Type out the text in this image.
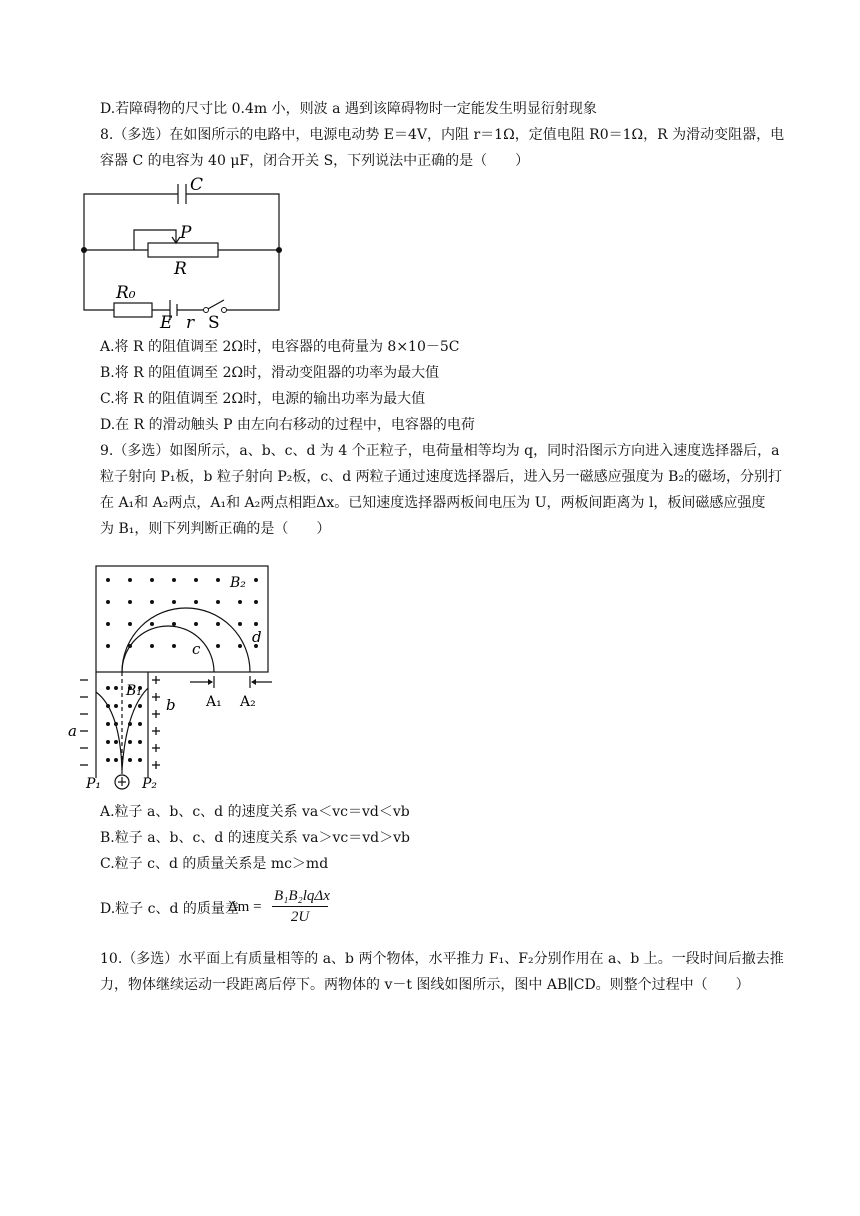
D.若障碍物的尺寸比 0.4m 小，则波 a 遇到该障碍物时一定能发生明显衍射现象
8.（多选）在如图所示的电路中，电源电动势 E＝4V，内阻 r＝1Ω，定值电阻 R0＝1Ω，R 为滑动变阻器，电
容器 C 的电容为 40 μF，闭合开关 S，下列说法中正确的是（　　）
C
P
R
R₀
E r S
A.将 R 的阻值调至 2Ω时，电容器的电荷量为 8×10－5C
B.将 R 的阻值调至 2Ω时，滑动变阻器的功率为最大值
C.将 R 的阻值调至 2Ω时，电源的输出功率为最大值
D.在 R 的滑动触头 P 由左向右移动的过程中，电容器的电荷
9.（多选）如图所示，a、b、c、d 为 4 个正粒子，电荷量相等均为 q，同时沿图示方向进入速度选择器后，a
粒子射向 P₁板，b 粒子射向 P₂板，c、d 两粒子通过速度选择器后，进入另一磁感应强度为 B₂的磁场，分别打
在 A₁和 A₂两点，A₁和 A₂两点相距Δx。已知速度选择器两板间电压为 U，两板间距离为 l，板间磁感应强度
为 B₁，则下列判断正确的是（　　）
B₂
d
c
B₁
b
a
A₁ A₂
P₁	P₂
A.粒子 a、b、c、d 的速度关系 va＜vc＝vd＜vb
B.粒子 a、b、c、d 的速度关系 va＞vc＝vd＞vb
C.粒子 c、d 的质量关系是 mc＞md
D.粒子 c、d 的质量差
Δm =
B₁B₂lqΔx
2U
10.（多选）水平面上有质量相等的 a、b 两个物体，水平推力 F₁、F₂分别作用在 a、b 上。一段时间后撤去推
力，物体继续运动一段距离后停下。两物体的 v－t 图线如图所示，图中 AB∥CD。则整个过程中（　　）
